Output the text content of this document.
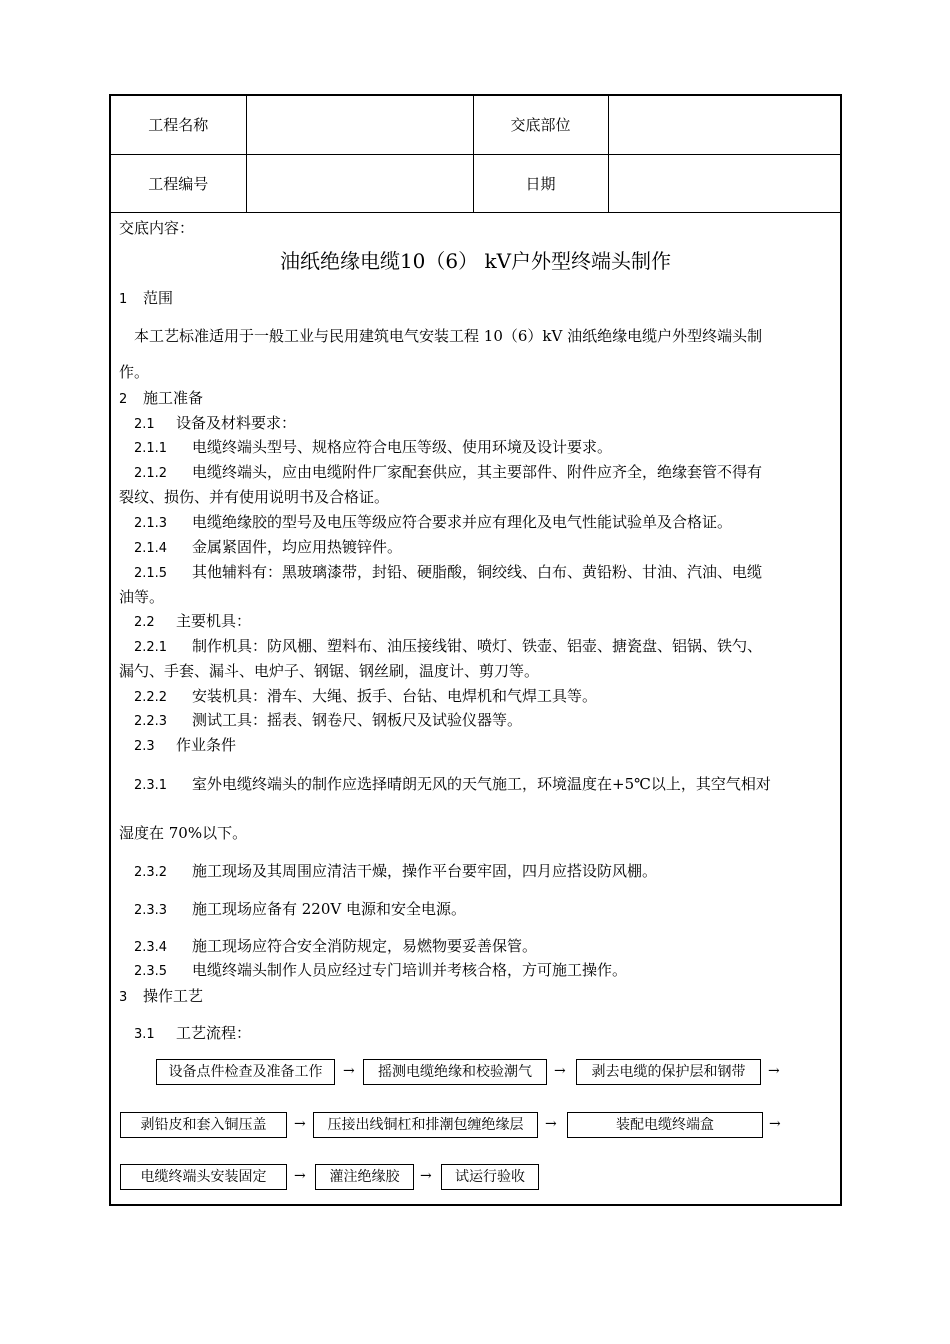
工程名称		交底部位	
工程编号		日期	
交底内容：
油纸绝缘电缆10（6） kV户外型终端头制作
1 范围
本工艺标准适用于一般工业与民用建筑电气安装工程 10（6）kV 油纸绝缘电缆户外型终端头制
作。
2 施工准备
2.1 设备及材料要求：
2.1.1 电缆终端头型号、规格应符合电压等级、使用环境及设计要求。
2.1.2 电缆终端头，应由电缆附件厂家配套供应，其主要部件、附件应齐全，绝缘套管不得有
裂纹、损伤、并有使用说明书及合格证。
2.1.3 电缆绝缘胶的型号及电压等级应符合要求并应有理化及电气性能试验单及合格证。
2.1.4 金属紧固件，均应用热镀锌件。
2.1.5 其他辅料有：黑玻璃漆带，封铅、硬脂酸，铜绞线、白布、黄铅粉、甘油、汽油、电缆
油等。
2.2 主要机具：
2.2.1 制作机具：防风棚、塑料布、油压接线钳、喷灯、铁壶、铝壶、搪瓷盘、铝锅、铁勺、
漏勺、手套、漏斗、电炉子、钢锯、钢丝刷，温度计、剪刀等。
2.2.2 安装机具：滑车、大绳、扳手、台钻、电焊机和气焊工具等。
2.2.3 测试工具：摇表、钢卷尺、钢板尺及试验仪器等。
2.3 作业条件
2.3.1 室外电缆终端头的制作应选择晴朗无风的天气施工，环境温度在+5℃以上，其空气相对
湿度在 70%以下。
2.3.2 施工现场及其周围应清洁干燥，操作平台要牢固，四月应搭设防风棚。
2.3.3 施工现场应备有 220V 电源和安全电源。
2.3.4 施工现场应符合安全消防规定，易燃物要妥善保管。
2.3.5 电缆终端头制作人员应经过专门培训并考核合格，方可施工操作。
3 操作工艺
3.1 工艺流程：
设备点件检查及准备工作	→	摇测电缆绝缘和校验潮气	→	剥去电缆的保护层和钢带	→
剥铅皮和套入铜压盖	→	压接出线铜杠和排潮包缠绝缘层	→	装配电缆终端盒	→
电缆终端头安装固定	→	灌注绝缘胶	→	试运行验收
